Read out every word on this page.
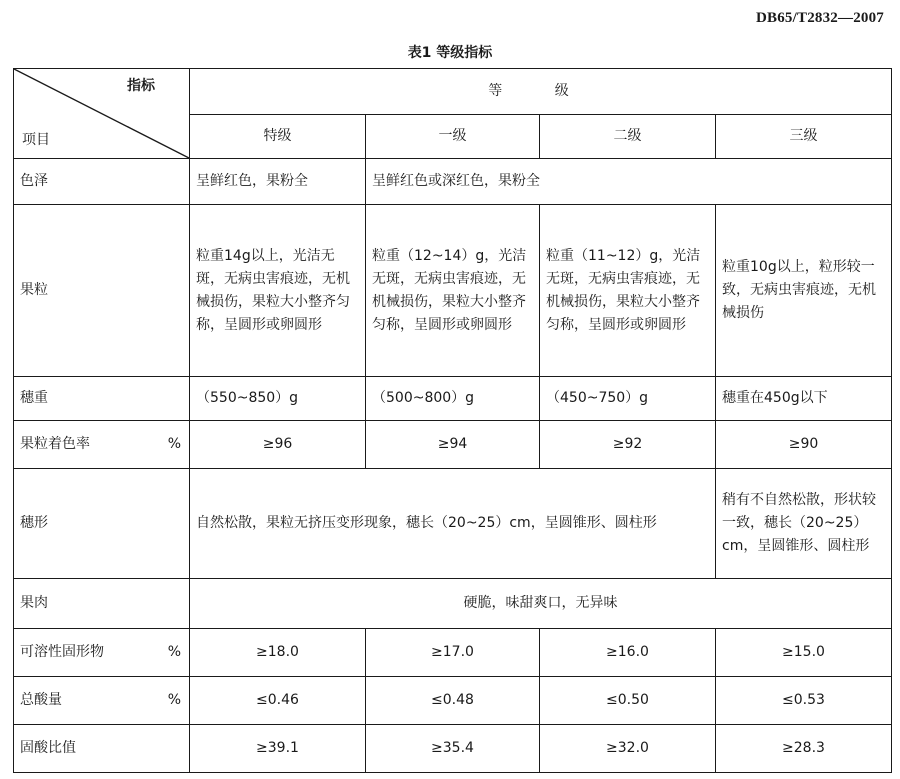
DB65/T2832—2007
表1 等级指标
指标
项目	等 级			
	特级	一级	二级	三级
色泽	呈鲜红色，果粉全	呈鲜红色或深红色，果粉全		
果粒	粒重14g以上，光洁无斑，无病虫害痕迹，无机械损伤，果粒大小整齐匀称，呈圆形或卵圆形	粒重（12~14）g，光洁无斑，无病虫害痕迹，无机械损伤，果粒大小整齐匀称，呈圆形或卵圆形	粒重（11~12）g，光洁无斑，无病虫害痕迹，无机械损伤，果粒大小整齐匀称，呈圆形或卵圆形	粒重10g以上，粒形较一致，无病虫害痕迹，无机械损伤
穗重	（550~850）g	（500~800）g	（450~750）g	穗重在450g以下
果粒着色率 %	≥96	≥94	≥92	≥90
穗形	自然松散，果粒无挤压变形现象，穗长（20~25）cm，呈圆锥形、圆柱形			稍有不自然松散，形状较一致，穗长（20~25）cm，呈圆锥形、圆柱形
果肉	硬脆，味甜爽口，无异味			
可溶性固形物 %	≥18.0	≥17.0	≥16.0	≥15.0
总酸量 %	≤0.46	≤0.48	≤0.50	≤0.53
固酸比值	≥39.1	≥35.4	≥32.0	≥28.3
